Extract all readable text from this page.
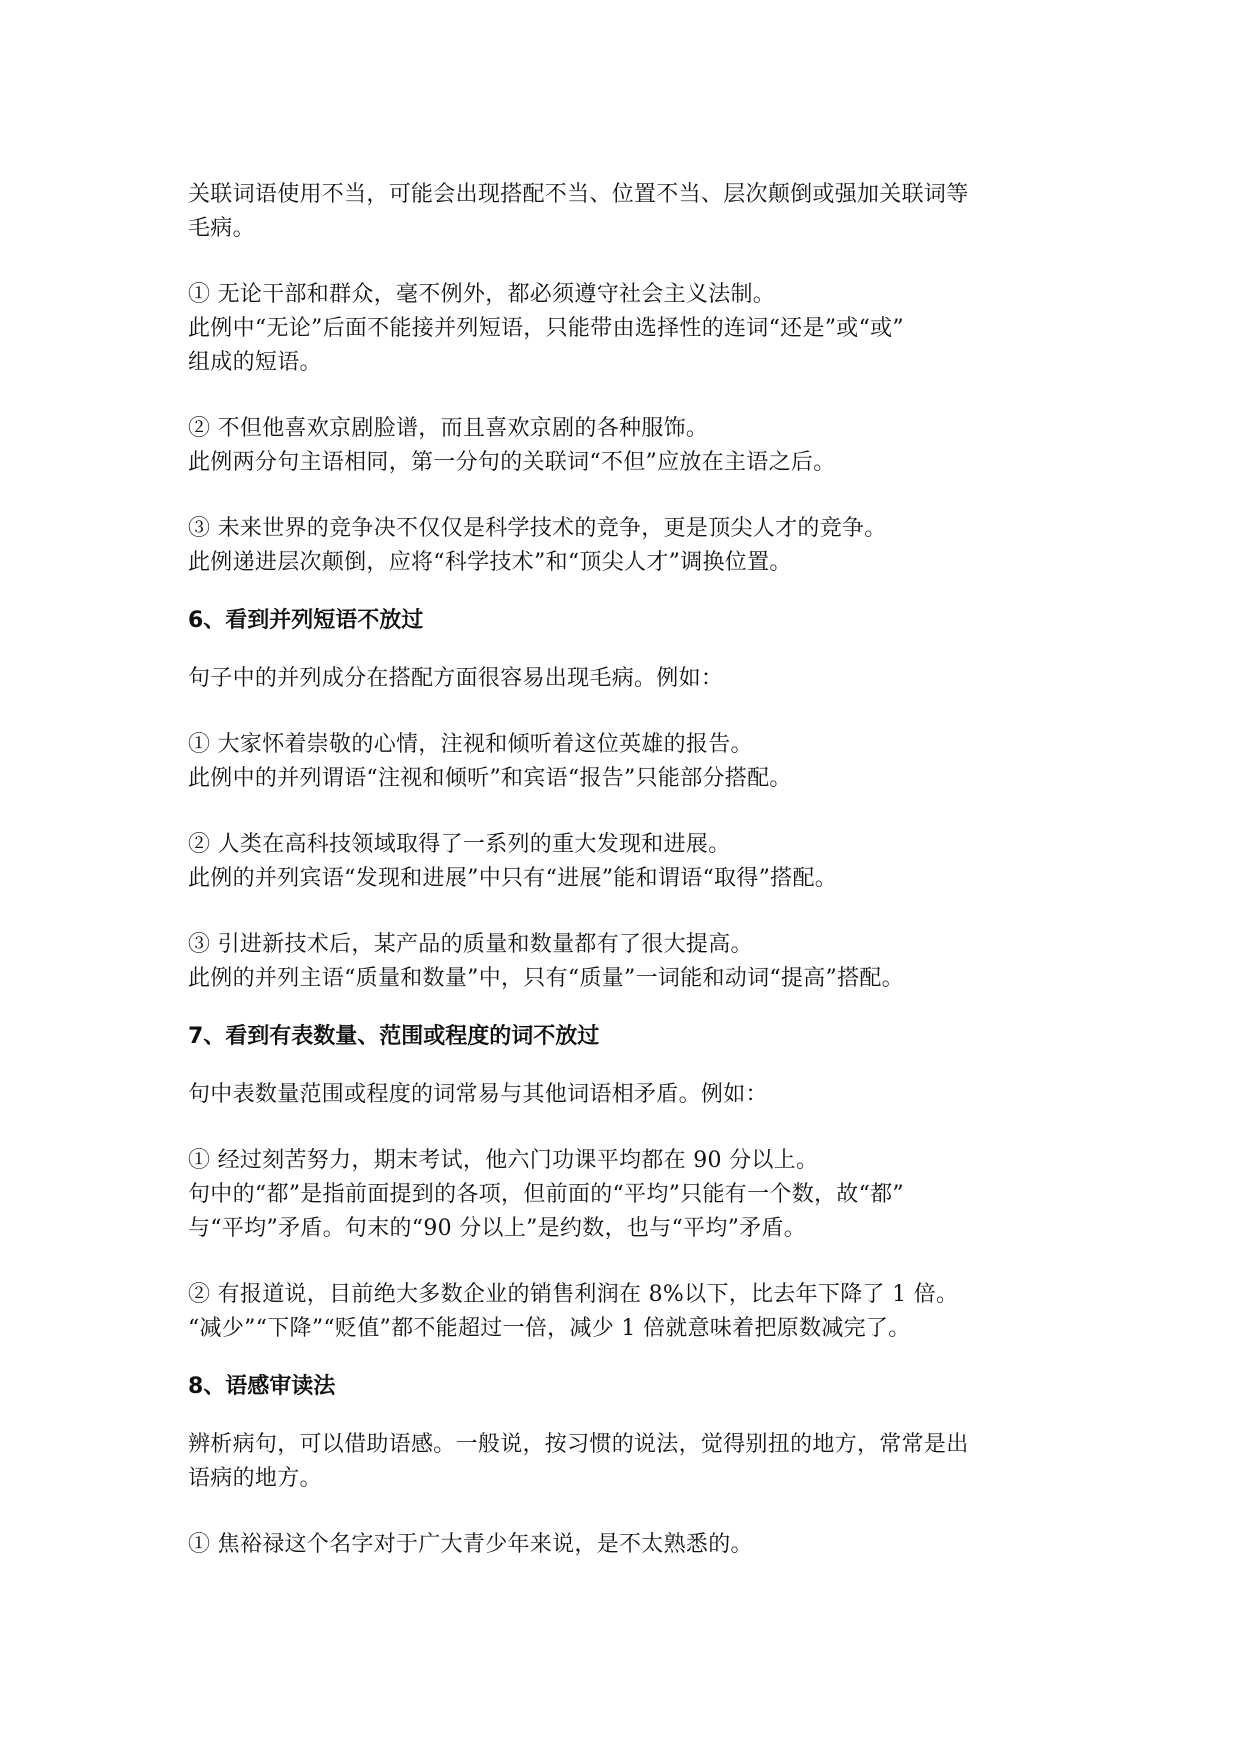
关联词语使用不当，可能会出现搭配不当、位置不当、层次颠倒或强加关联词等
毛病。
① 无论干部和群众，毫不例外，都必须遵守社会主义法制。
此例中“无论”后面不能接并列短语，只能带由选择性的连词“还是”或“或”
组成的短语。
② 不但他喜欢京剧脸谱，而且喜欢京剧的各种服饰。
此例两分句主语相同，第一分句的关联词“不但”应放在主语之后。
③ 未来世界的竞争决不仅仅是科学技术的竞争，更是顶尖人才的竞争。
此例递进层次颠倒，应将“科学技术”和“顶尖人才”调换位置。
6、看到并列短语不放过
句子中的并列成分在搭配方面很容易出现毛病。例如：
① 大家怀着崇敬的心情，注视和倾听着这位英雄的报告。
此例中的并列谓语“注视和倾听”和宾语“报告”只能部分搭配。
② 人类在高科技领域取得了一系列的重大发现和进展。
此例的并列宾语“发现和进展”中只有“进展”能和谓语“取得”搭配。
③ 引进新技术后，某产品的质量和数量都有了很大提高。
此例的并列主语“质量和数量”中，只有“质量”一词能和动词“提高”搭配。
7、看到有表数量、范围或程度的词不放过
句中表数量范围或程度的词常易与其他词语相矛盾。例如：
① 经过刻苦努力，期末考试，他六门功课平均都在 90 分以上。
句中的“都”是指前面提到的各项，但前面的“平均”只能有一个数，故“都”
与“平均”矛盾。句末的“90 分以上”是约数，也与“平均”矛盾。
② 有报道说，目前绝大多数企业的销售利润在 8%以下，比去年下降了 1 倍。
“减少”“下降”“贬值”都不能超过一倍，减少 1 倍就意味着把原数减完了。
8、语感审读法
辨析病句，可以借助语感。一般说，按习惯的说法，觉得别扭的地方，常常是出
语病的地方。
① 焦裕禄这个名字对于广大青少年来说，是不太熟悉的。
